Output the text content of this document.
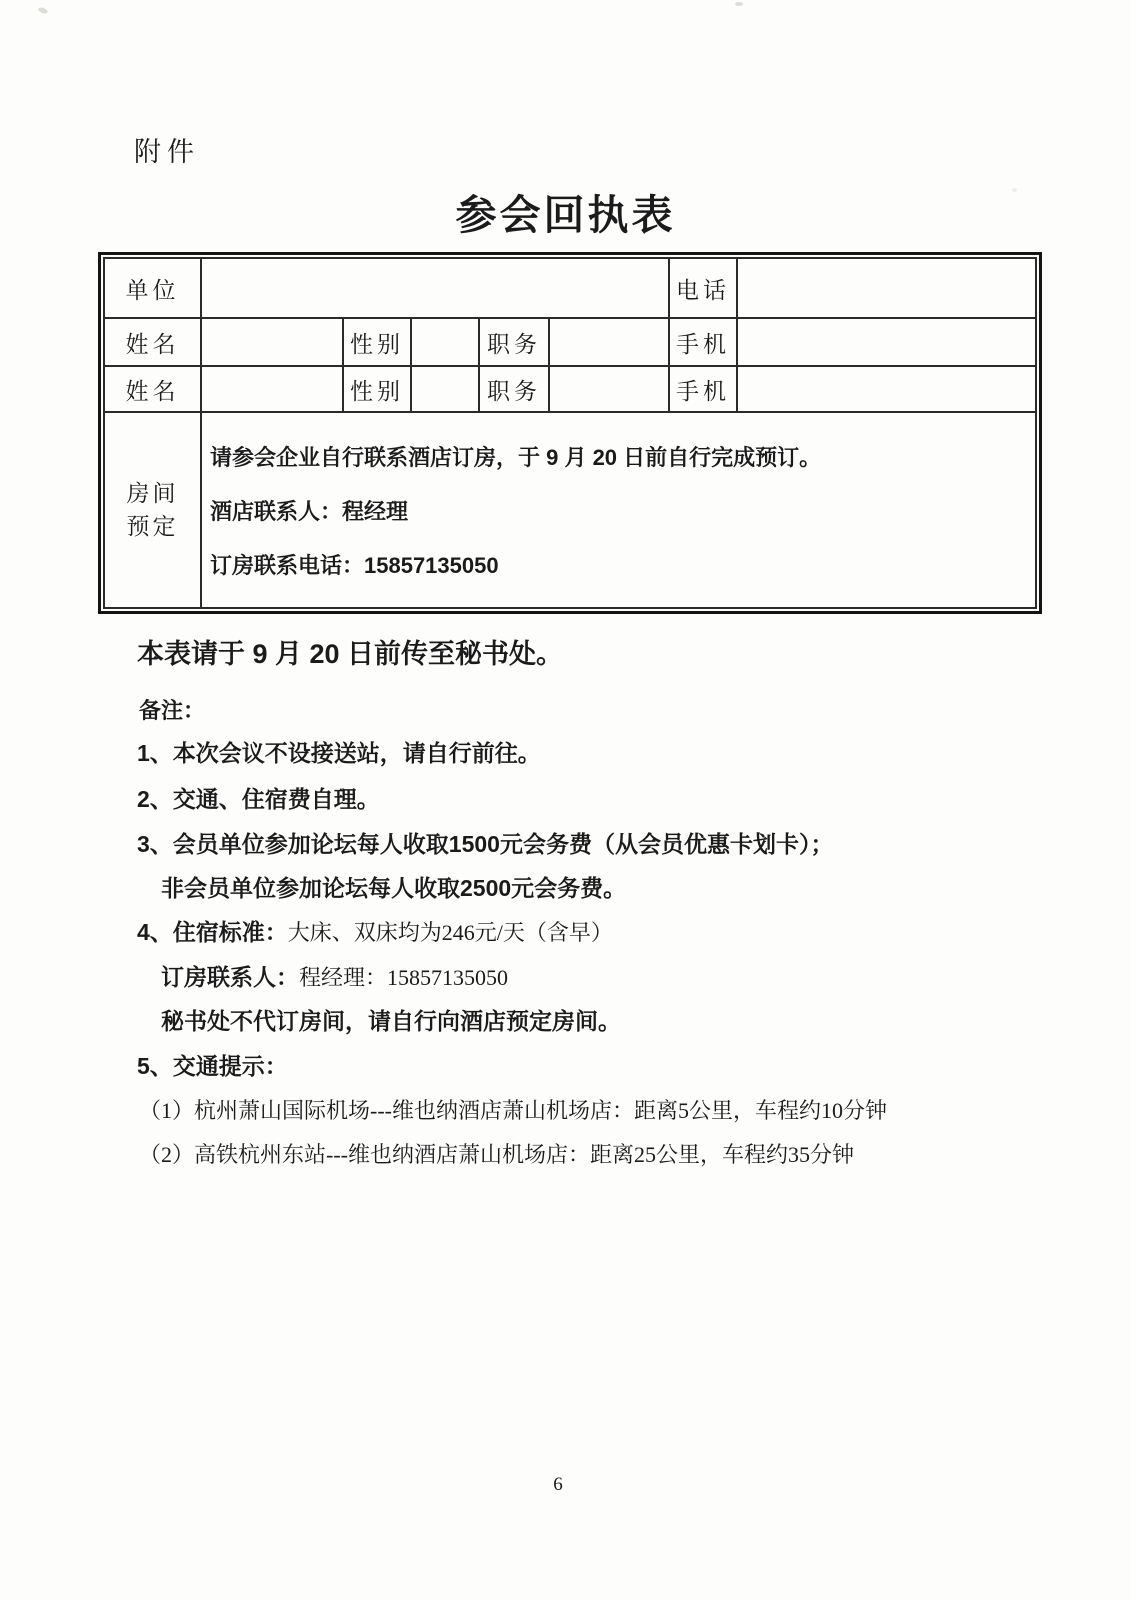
附件
参会回执表
单位						电话	
姓名		性别		职务		手机	
姓名		性别		职务		手机	

房间
预定

请参会企业自行联系酒店订房，于 9 月 20 日前自行完成预订。
酒店联系人：程经理
订房联系电话：15857135050
本表请于 9 月 20 日前传至秘书处。
备注：
1、本次会议不设接送站，请自行前往。
2、交通、住宿费自理。
3、会员单位参加论坛每人收取1500元会务费（从会员优惠卡划卡）；
非会员单位参加论坛每人收取2500元会务费。
4、住宿标准：大床、双床均为246元/天（含早）
订房联系人：程经理：15857135050
秘书处不代订房间，请自行向酒店预定房间。
5、交通提示：
（1）杭州萧山国际机场---维也纳酒店萧山机场店：距离5公里，车程约10分钟
（2）高铁杭州东站---维也纳酒店萧山机场店：距离25公里，车程约35分钟
6
